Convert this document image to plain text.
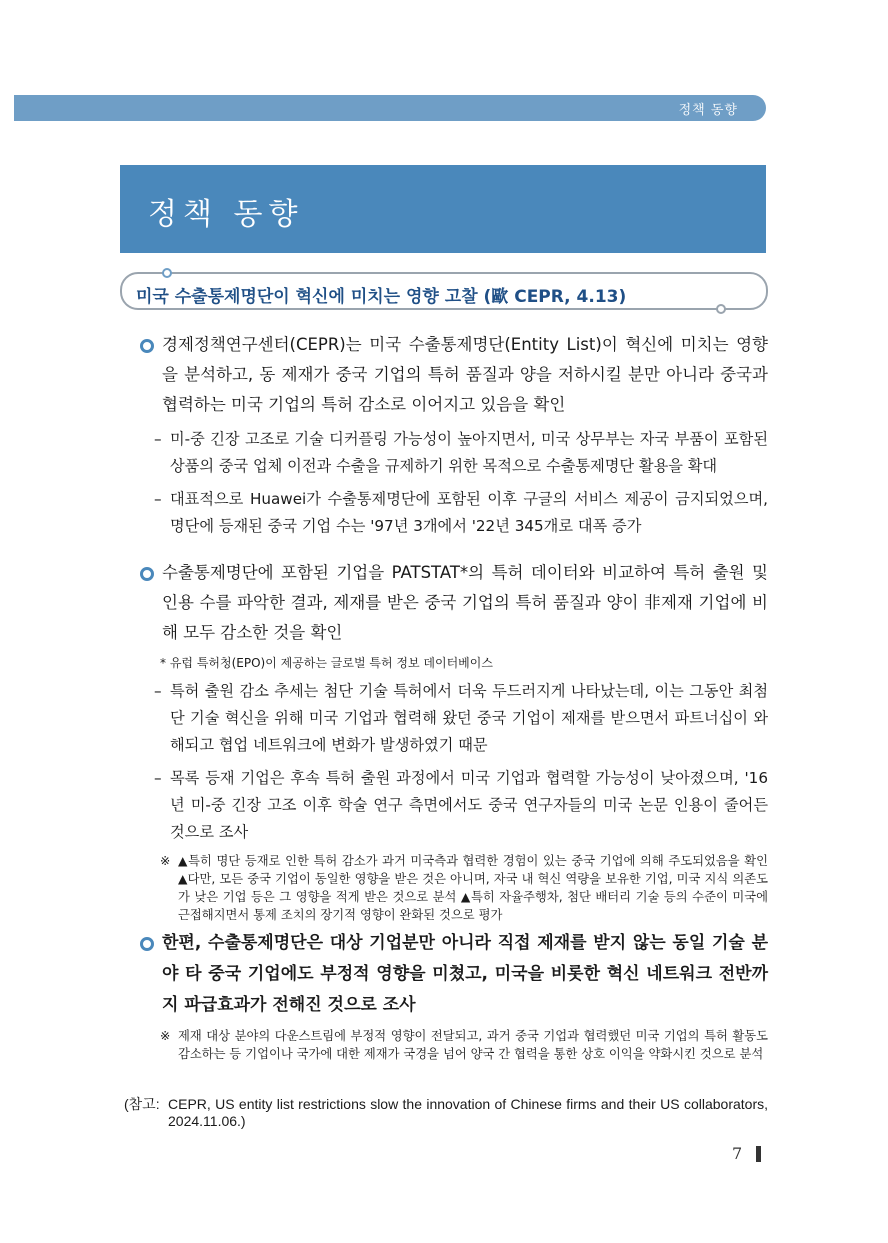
정책 동향
정책 동향
미국 수출통제명단이 혁신에 미치는 영향 고찰 (歐 CEPR, 4.13)
경제정책연구센터(CEPR)는 미국 수출통제명단(Entity List)이 혁신에 미치는 영향을 분석하고, 동 제재가 중국 기업의 특허 품질과 양을 저하시킬 분만 아니라 중국과 협력하는 미국 기업의 특허 감소로 이어지고 있음을 확인
– 미-중 긴장 고조로 기술 디커플링 가능성이 높아지면서, 미국 상무부는 자국 부품이 포함된 상품의 중국 업체 이전과 수출을 규제하기 위한 목적으로 수출통제명단 활용을 확대
– 대표적으로 Huawei가 수출통제명단에 포함된 이후 구글의 서비스 제공이 금지되었으며, 명단에 등재된 중국 기업 수는 '97년 3개에서 '22년 345개로 대폭 증가
수출통제명단에 포함된 기업을 PATSTAT*의 특허 데이터와 비교하여 특허 출원 및 인용 수를 파악한 결과, 제재를 받은 중국 기업의 특허 품질과 양이 非제재 기업에 비해 모두 감소한 것을 확인
* 유럽 특허청(EPO)이 제공하는 글로벌 특허 정보 데이터베이스
– 특허 출원 감소 추세는 첨단 기술 특허에서 더욱 두드러지게 나타났는데, 이는 그동안 최첨단 기술 혁신을 위해 미국 기업과 협력해 왔던 중국 기업이 제재를 받으면서 파트너십이 와해되고 협업 네트워크에 변화가 발생하였기 때문
– 목록 등재 기업은 후속 특허 출원 과정에서 미국 기업과 협력할 가능성이 낮아졌으며, '16년 미-중 긴장 고조 이후 학술 연구 측면에서도 중국 연구자들의 미국 논문 인용이 줄어든 것으로 조사
※ ▲특히 명단 등재로 인한 특허 감소가 과거 미국측과 협력한 경험이 있는 중국 기업에 의해 주도되었음을 확인 ▲다만, 모든 중국 기업이 동일한 영향을 받은 것은 아니며, 자국 내 혁신 역량을 보유한 기업, 미국 지식 의존도가 낮은 기업 등은 그 영향을 적게 받은 것으로 분석 ▲특히 자율주행차, 첨단 배터리 기술 등의 수준이 미국에 근접해지면서 통제 조치의 장기적 영향이 완화된 것으로 평가
한편, 수출통제명단은 대상 기업분만 아니라 직접 제재를 받지 않는 동일 기술 분야 타 중국 기업에도 부정적 영향을 미쳤고, 미국을 비롯한 혁신 네트워크 전반까지 파급효과가 전해진 것으로 조사
※ 제재 대상 분야의 다운스트림에 부정적 영향이 전달되고, 과거 중국 기업과 협력했던 미국 기업의 특허 활동도 감소하는 등 기업이나 국가에 대한 제재가 국경을 넘어 양국 간 협력을 통한 상호 이익을 약화시킨 것으로 분석
(참고: CEPR, US entity list restrictions slow the innovation of Chinese firms and their US collaborators, 2024.11.06.)
7
